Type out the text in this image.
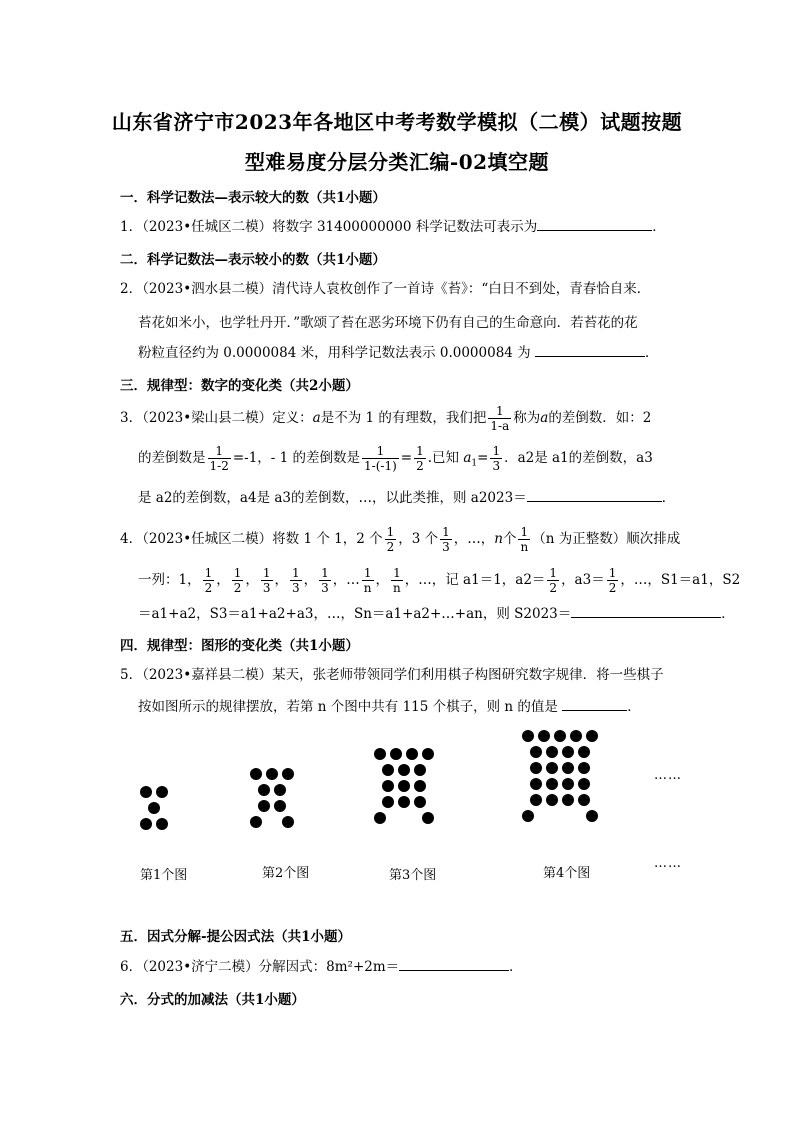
山东省济宁市2023年各地区中考考数学模拟（二模）试题按题
型难易度分层分类汇编-02填空题
一．科学记数法—表示较大的数（共1小题）
1．（2023•任城区二模）将数字 31400000000 科学记数法可表示为	．
二．科学记数法—表示较小的数（共1小题）
2．（2023•泗水县二模）清代诗人袁枚创作了一首诗《苔》：“白日不到处，青春恰自来．
苔花如米小，也学牡丹开．”歌颂了苔在恶劣环境下仍有自己的生命意向．若苔花的花
粉粒直径约为 0.0000084 米，用科学记数法表示 0.0000084 为	．
三．规律型：数字的变化类（共2小题）
3．（2023•梁山县二模）定义：a是不为 1 的有理数，我们把 $\frac{1}{1-a}$ 称为a的差倒数．如：2
的差倒数是 $\frac{1}{1-2} =-1$，- 1 的差倒数是 $\frac{1}{1-(-1)} = \frac{1}{2}$ .已知 $a_1= \frac{1}{3}$ ．a2是 a1的差倒数，a3
是 a2的差倒数，a4是 a3的差倒数，…，以此类推，则 a2023＝	．
4．（2023•任城区二模）将数 1 个 1，2 个 $\frac{1}{2}$ ，3 个 $\frac{1}{3}$ ，…，n个 $\frac{1}{n} (n$ 为正整数）顺次排成
一列：1， $\frac{1}{2}$ ， $\frac{1}{2}$ ， $\frac{1}{3}$ ， $\frac{1}{3}$ ， $\frac{1}{3}$ ，… $\frac{1}{n}$ ， $\frac{1}{n}$ ，…，记 a1＝1，$a2= \frac{1}{2}$ ，$a3= \frac{1}{2}$ ，…，S1＝a1，S2
＝a1+a2，S3＝a1+a2+a3，…，Sn＝a1+a2+…+an，则 S2023＝	．
四．规律型：图形的变化类（共1小题）
5．（2023•嘉祥县二模）某天，张老师带领同学们利用棋子构图研究数字规律．将一些棋子
按如图所示的规律摆放，若第 n 个图中共有 115 个棋子，则 n 的值是	．
第1个图	第2个图	第3个图	第4个图
……
……
五．因式分解-提公因式法（共1小题）
6．（2023•济宁二模）分解因式：8m²+2m＝	．
六．分式的加减法（共1小题）
